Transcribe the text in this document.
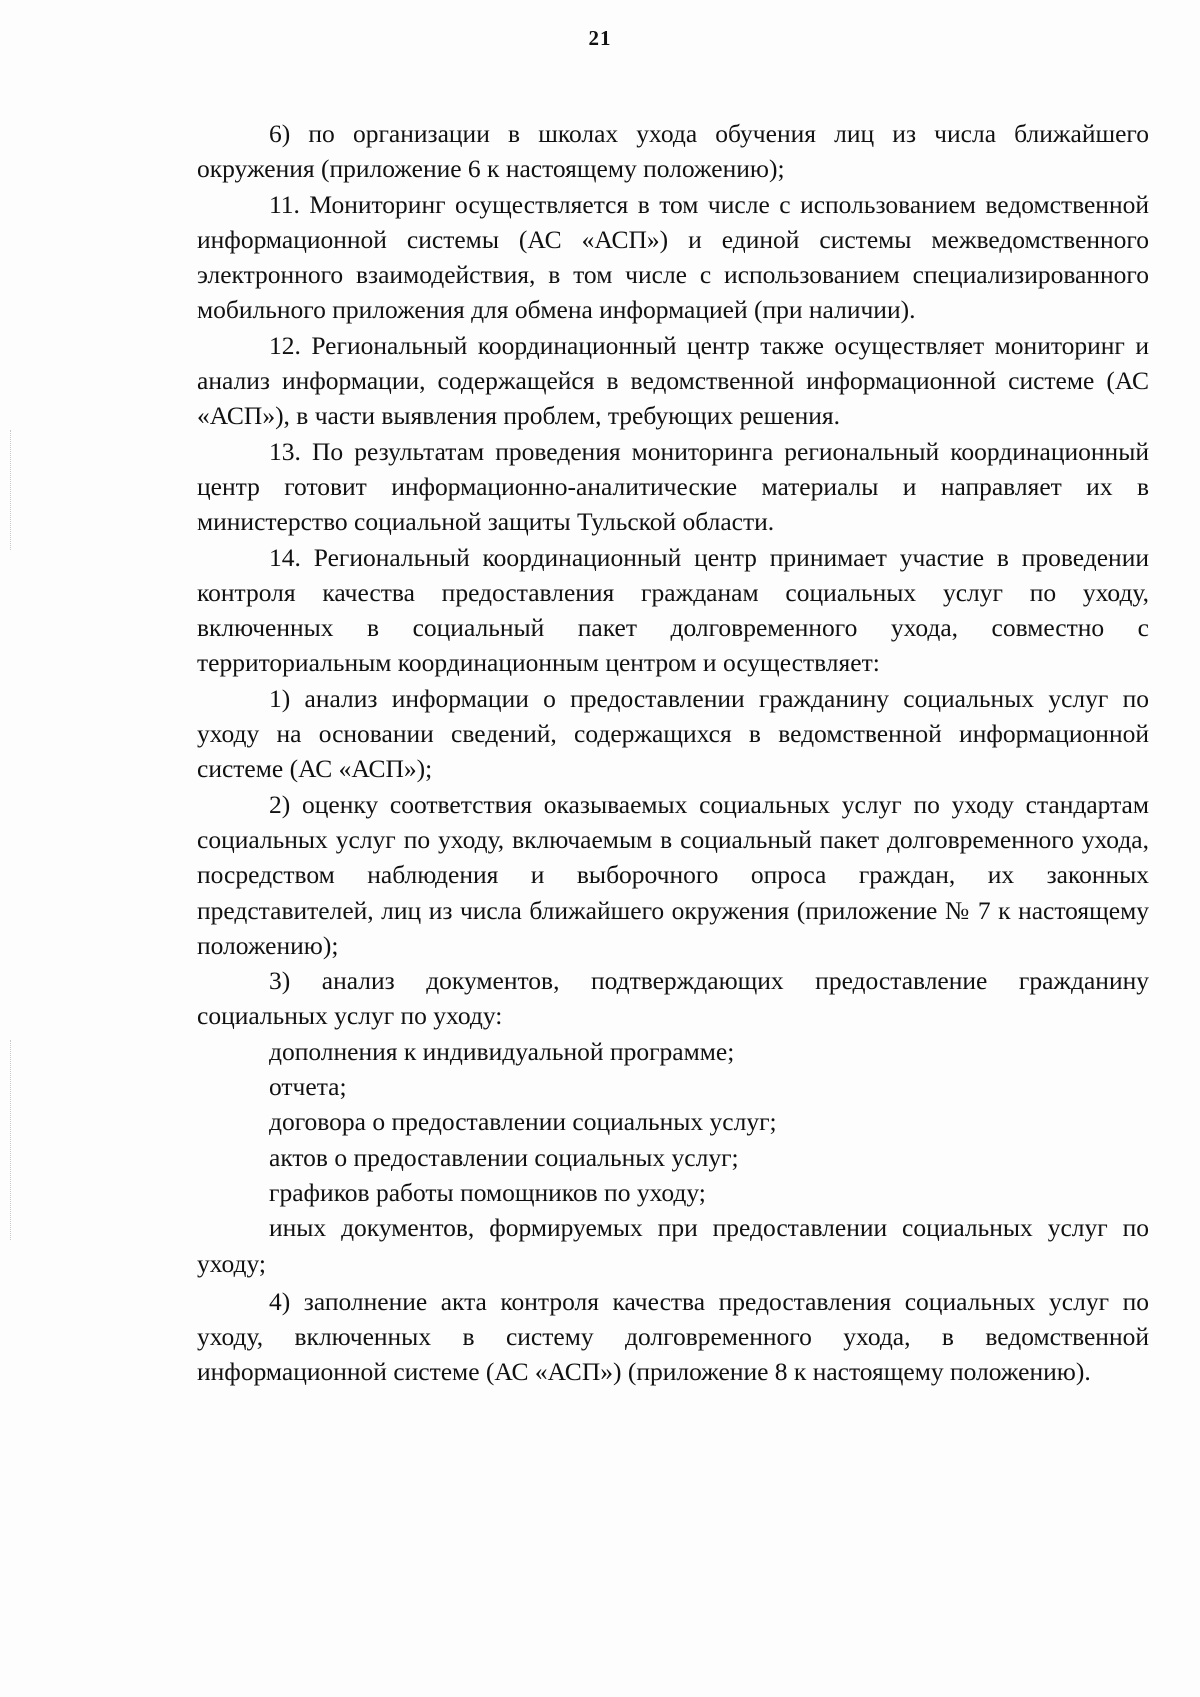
21

6) по организации в школах ухода обучения лиц из числа ближайшего окружения (приложение 6 к настоящему положению);

11. Мониторинг осуществляется в том числе с использованием ведомственной информационной системы (АС «АСП») и единой системы межведомственного электронного взаимодействия, в том числе с использованием специализированного мобильного приложения для обмена информацией (при наличии).

12. Региональный координационный центр также осуществляет мониторинг и анализ информации, содержащейся в ведомственной информационной системе (АС «АСП»), в части выявления проблем, требующих решения.

13. По результатам проведения мониторинга региональный координационный центр готовит информационно-аналитические материалы и направляет их в министерство социальной защиты Тульской области.

14. Региональный координационный центр принимает участие в проведении контроля качества предоставления гражданам социальных услуг по уходу, включенных в социальный пакет долговременного ухода, совместно с территориальным координационным центром и осуществляет:

1) анализ информации о предоставлении гражданину социальных услуг по уходу на основании сведений, содержащихся в ведомственной информационной системе (АС «АСП»);

2) оценку соответствия оказываемых социальных услуг по уходу стандартам социальных услуг по уходу, включаемым в социальный пакет долговременного ухода, посредством наблюдения и выборочного опроса граждан, их законных представителей, лиц из числа ближайшего окружения (приложение № 7 к настоящему положению);

3) анализ документов, подтверждающих предоставление гражданину социальных услуг по уходу:

дополнения к индивидуальной программе;

отчета;

договора о предоставлении социальных услуг;

актов о предоставлении социальных услуг;

графиков работы помощников по уходу;

иных документов, формируемых при предоставлении социальных услуг по уходу;

4) заполнение акта контроля качества предоставления социальных услуг по уходу, включенных в систему долговременного ухода, в ведомственной информационной системе (АС «АСП») (приложение 8 к настоящему положению).
